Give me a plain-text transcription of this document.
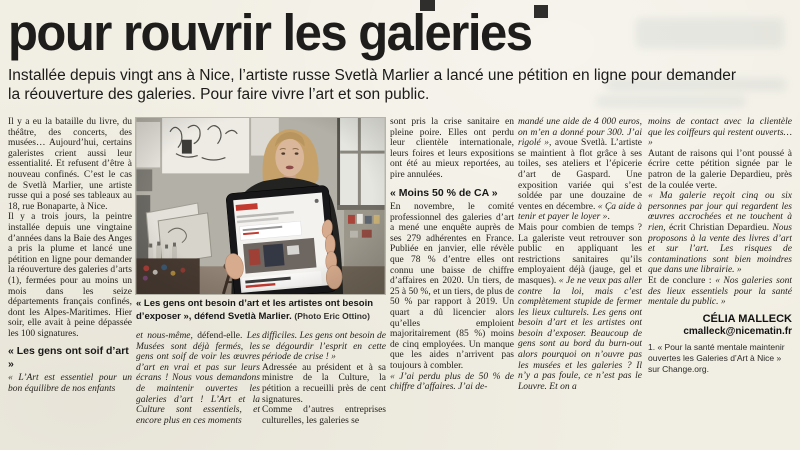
pour rouvrir les galeries

Installée depuis vingt ans à Nice, l’artiste russe Svetlà Marlier a lancé une pétition en ligne pour demander la réouverture des galeries. Pour faire vivre l’art et son public.

Il y a eu la bataille du livre, du théâtre, des concerts, des musées… Aujourd’hui, certains galeristes crient aussi leur essentialité. Et refusent d’être à nouveau confinés. C’est le cas de Svetlà Marlier, une artiste russe qui a posé ses tableaux au 18, rue Bonaparte, à Nice.

Il y a trois jours, la peintre installée depuis une vingtaine d’années dans la Baie des Anges a pris la plume et lancé une pétition en ligne pour demander la réouverture des galeries d’arts (1), fermées pour au moins un mois dans les seize départements français confinés, dont les Alpes-Maritimes. Hier soir, elle avait à peine dépassée les 100 signatures.

« Les gens ont soif d’art »

« L’Art est essentiel pour un bon équilibre de nos enfants

et nous-même, défend-elle. Les Musées sont déjà fermés, les gens ont soif de voir les œuvres d’art en vrai et pas sur leurs écrans ! Nous vous demandons de maintenir ouvertes les galeries d’art ! L’Art et la Culture sont essentiels, et encore plus en ces moments

difficiles. Les gens ont besoin de se dégourdir l’esprit en cette période de crise ! »

Adressée au président et à sa ministre de la Culture, la pétition a recueilli près de cent signatures.

Comme d’autres entreprises culturelles, les galeries se

sont pris la crise sanitaire en pleine poire. Elles ont perdu leur clientèle internationale, leurs foires et leurs expositions ont été au mieux reportées, au pire annulées.

« Moins 50 % de CA »

En novembre, le comité professionnel des galeries d’art a mené une enquête auprès de ses 279 adhérentes en France. Publiée en janvier, elle révèle que 78 % d’entre elles ont connu une baisse de chiffre d’affaires en 2020. Un tiers, de 25 à 50 %, et un tiers, de plus de 50 % par rapport à 2019. Un quart a dû licencier alors qu’elles emploient majoritairement (85 %) moins de cinq employées. Un manque que les aides n’arrivent pas toujours à combler.

« J’ai perdu plus de 50 % de chiffre d’affaires. J’ai de-

mandé une aide de 4 000 euros, on m’en a donné pour 300. J’ai rigolé », avoue Svetlà. L’artiste se maintient à flot grâce à ses toiles, ses ateliers et l’épicerie d’art de Gaspard. Une exposition variée qui s’est soldée par une douzaine de ventes en décembre. « Ça aide à tenir et payer le loyer ».

Mais pour combien de temps ? La galeriste veut retrouver son public en appliquant les restrictions sanitaires qu’ils employaient déjà (jauge, gel et masques). « Je ne veux pas aller contre la loi, mais c’est complètement stupide de fermer les lieux culturels. Les gens ont besoin d’art et les artistes ont besoin d’exposer. Beaucoup de gens sont au bord du burn-out alors pourquoi on n’ouvre pas les musées et les galeries ? Il n’y a pas foule, ce n’est pas le Louvre. Et on a

moins de contact avec la clientèle que les coiffeurs qui restent ouverts… »

Autant de raisons qui l’ont poussé à écrire cette pétition signée par le patron de la galerie Depardieu, près de la coulée verte.

« Ma galerie reçoit cinq ou six personnes par jour qui regardent les œuvres accrochées et ne touchent à rien, écrit Christian Depardieu. Nous proposons à la vente des livres d’art et sur l’art. Les risques de contaminations sont bien moindres que dans une librairie. »

Et de conclure : « Nos galeries sont des lieux essentiels pour la santé mentale du public. »

CÉLIA MALLECK
cmalleck@nicematin.fr
1. « Pour la santé mentale maintenir ouvertes les Galeries d’Art à Nice » sur Change.org.
« Les gens ont besoin d’art et les artistes ont besoin d’exposer », défend Svetlà Marlier. (Photo Eric Ottino)
